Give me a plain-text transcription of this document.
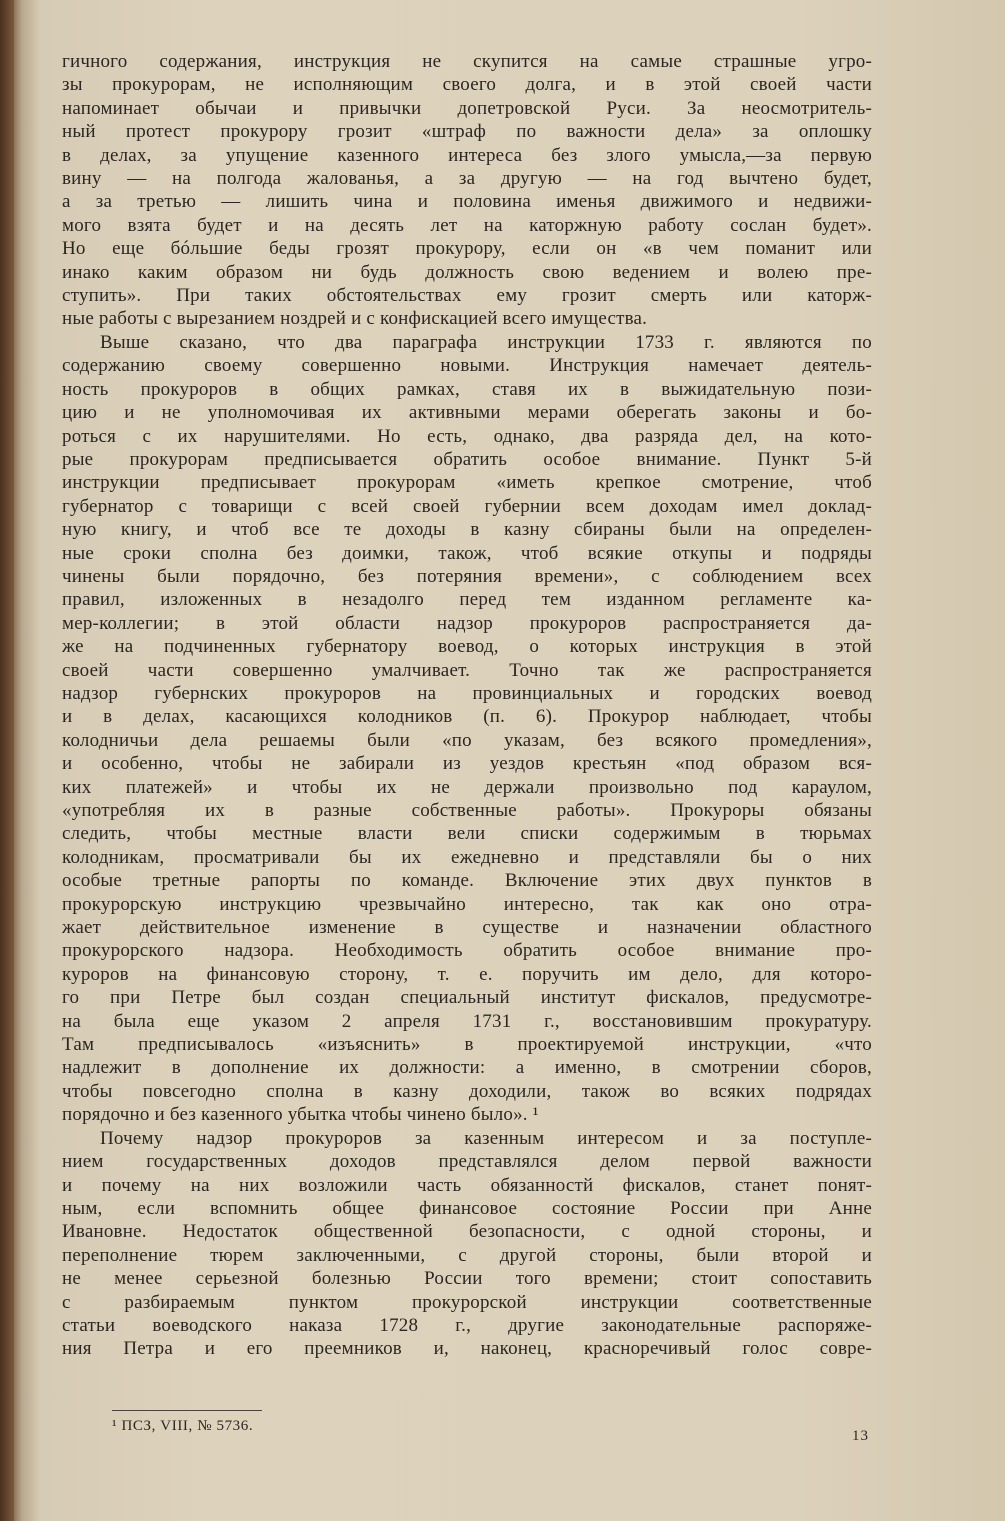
гичного содержания, инструкция не скупится на самые страшные угро-
зы прокурорам, не исполняющим своего долга, и в этой своей части
напоминает обычаи и привычки допетровской Руси. За неосмотритель-
ный протест прокурору грозит «штраф по важности дела» за оплошку
в делах, за упущение казенного интереса без злого умысла,—за первую
вину — на полгода жалованья, а за другую — на год вычтено будет,
а за третью — лишить чина и половина именья движимого и недвижи-
мого взята будет и на десять лет на каторжную работу сослан будет».
Но еще бóльшие беды грозят прокурору, если он «в чем поманит или
инако каким образом ни будь должность свою ведением и волею пре-
ступить». При таких обстоятельствах ему грозит смерть или каторж-
ные работы с вырезанием ноздрей и с конфискацией всего имущества.
Выше сказано, что два параграфа инструкции 1733 г. являются по
содержанию своему совершенно новыми. Инструкция намечает деятель-
ность прокуроров в общих рамках, ставя их в выжидательную пози-
цию и не уполномочивая их активными мерами оберегать законы и бо-
роться с их нарушителями. Но есть, однако, два разряда дел, на кото-
рые прокурорам предписывается обратить особое внимание. Пункт 5-й
инструкции предписывает прокурорам «иметь крепкое смотрение, чтоб
губернатор с товарищи с всей своей губернии всем доходам имел доклад-
ную книгу, и чтоб все те доходы в казну сбираны были на определен-
ные сроки сполна без доимки, також, чтоб всякие откупы и подряды
чинены были порядочно, без потеряния времени», с соблюдением всех
правил, изложенных в незадолго перед тем изданном регламенте ка-
мер-коллегии; в этой области надзор прокуроров распространяется да-
же на подчиненных губернатору воевод, о которых инструкция в этой
своей части совершенно умалчивает. Точно так же распространяется
надзор губернских прокуроров на провинциальных и городских воевод
и в делах, касающихся колодников (п. 6). Прокурор наблюдает, чтобы
колодничьи дела решаемы были «по указам, без всякого промедления»,
и особенно, чтобы не забирали из уездов крестьян «под образом вся-
ких платежей» и чтобы их не держали произвольно под караулом,
«употребляя их в разные собственные работы». Прокуроры обязаны
следить, чтобы местные власти вели списки содержимым в тюрьмах
колодникам, просматривали бы их ежедневно и представляли бы о них
особые третные рапорты по команде. Включение этих двух пунктов в
прокурорскую инструкцию чрезвычайно интересно, так как оно отра-
жает действительное изменение в существе и назначении областного
прокурорского надзора. Необходимость обратить особое внимание про-
куроров на финансовую сторону, т. е. поручить им дело, для которо-
го при Петре был создан специальный институт фискалов, предусмотре-
на была еще указом 2 апреля 1731 г., восстановившим прокуратуру.
Там предписывалось «изъяснить» в проектируемой инструкции, «что
надлежит в дополнение их должности: а именно, в смотрении сборов,
чтобы повсегодно сполна в казну доходили, також во всяких подрядах
порядочно и без казенного убытка чтобы чинено было». ¹
Почему надзор прокуроров за казенным интересом и за поступле-
нием государственных доходов представлялся делом первой важности
и почему на них возложили часть обязанностй фискалов, станет понят-
ным, если вспомнить общее финансовое состояние России при Анне
Ивановне. Недостаток общественной безопасности, с одной стороны, и
переполнение тюрем заключенными, с другой стороны, были второй и
не менее серьезной болезнью России того времени; стоит сопоставить
с разбираемым пунктом прокурорской инструкции соответственные
статьи воеводского наказа 1728 г., другие законодательные распоряже-
ния Петра и его преемников и, наконец, красноречивый голос совре-
¹ ПСЗ, VIII, № 5736.
13
